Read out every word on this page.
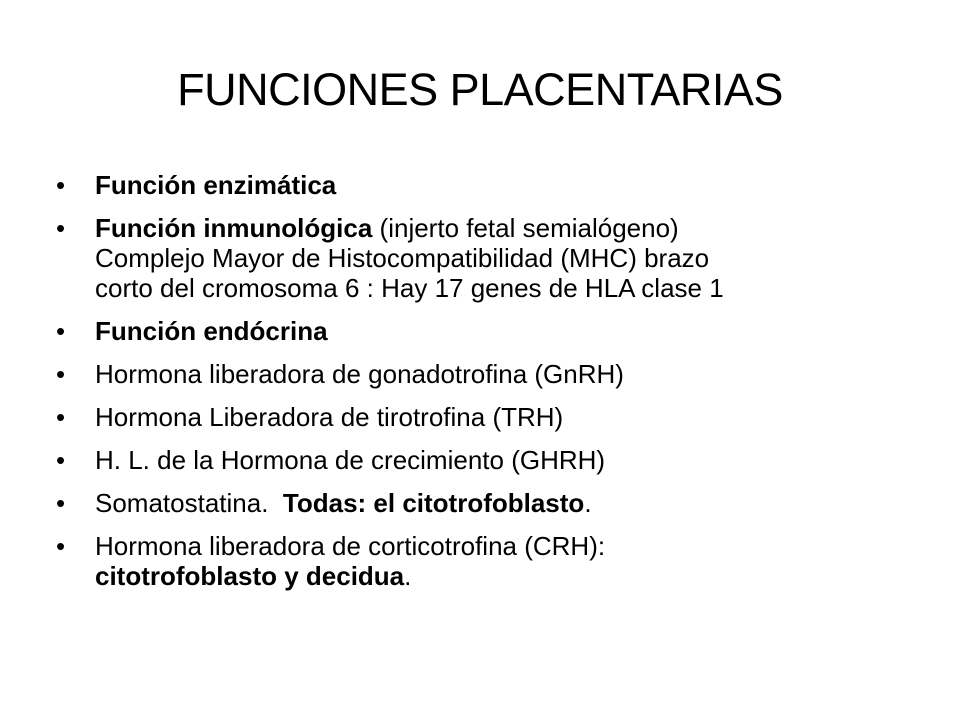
FUNCIONES PLACENTARIAS
•	Función enzimática
•	Función inmunológica (injerto fetal semialógeno)
Complejo Mayor de Histocompatibilidad (MHC) brazo
corto del cromosoma 6 : Hay 17 genes de HLA clase 1
•	Función endócrina
•	Hormona liberadora de gonadotrofina (GnRH)
•	Hormona Liberadora de tirotrofina (TRH)
•	H. L. de la Hormona de crecimiento (GHRH)
•	Somatostatina.  Todas: el citotrofoblasto.
•	Hormona liberadora de corticotrofina (CRH):
citotrofoblasto y decidua.
